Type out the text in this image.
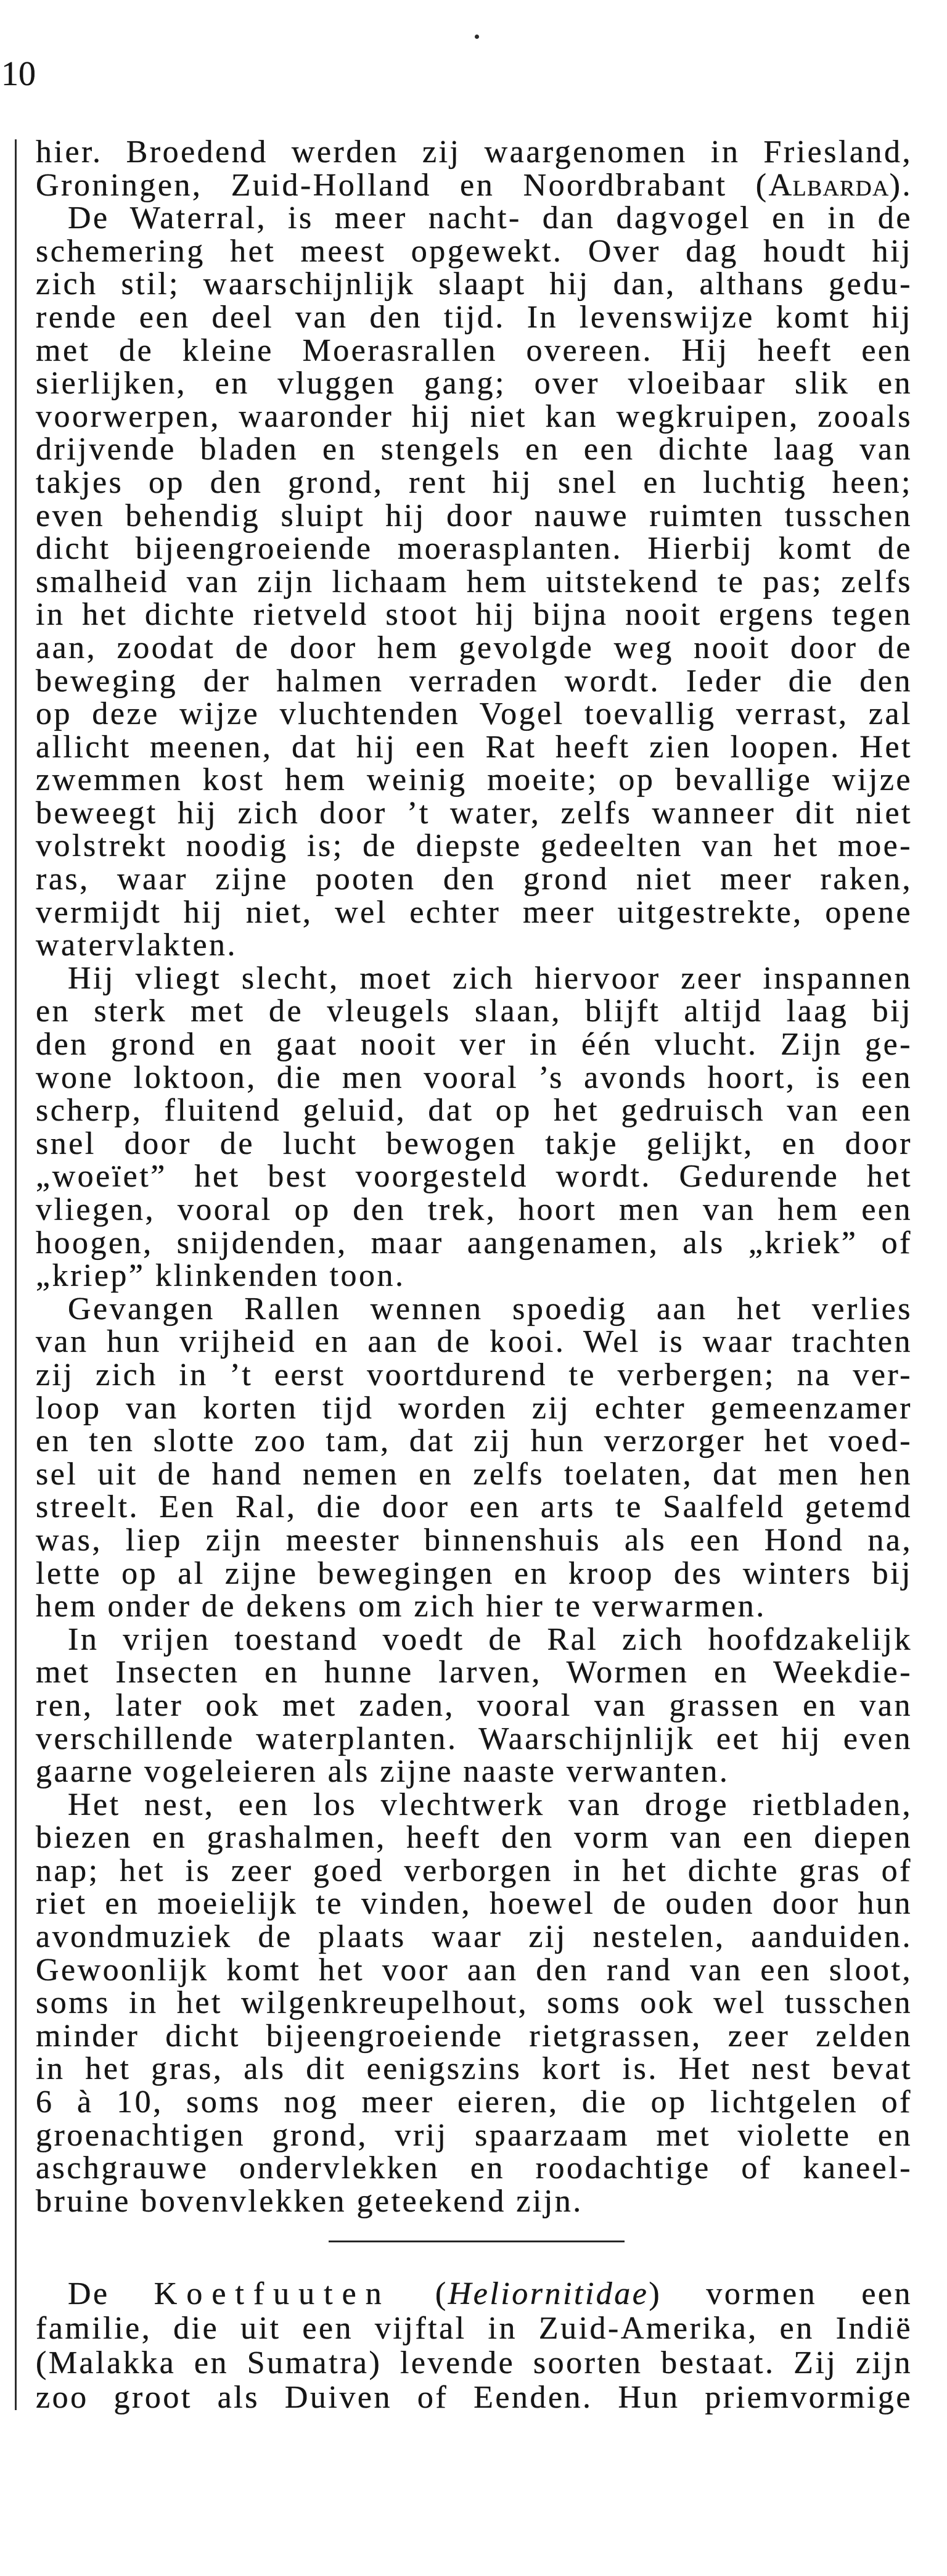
10
hier. Broedend werden zij waargenomen in Friesland,
Groningen, Zuid-Holland en Noordbrabant (Albarda).
De Waterral, is meer nacht- dan dagvogel en in de
schemering het meest opgewekt. Over dag houdt hij
zich stil; waarschijnlijk slaapt hij dan, althans gedu-
rende een deel van den tijd. In levenswijze komt hij
met de kleine Moerasrallen overeen. Hij heeft een
sierlijken, en vluggen gang; over vloeibaar slik en
voorwerpen, waaronder hij niet kan wegkruipen, zooals
drijvende bladen en stengels en een dichte laag van
takjes op den grond, rent hij snel en luchtig heen;
even behendig sluipt hij door nauwe ruimten tusschen
dicht bijeengroeiende moerasplanten. Hierbij komt de
smalheid van zijn lichaam hem uitstekend te pas; zelfs
in het dichte rietveld stoot hij bijna nooit ergens tegen
aan, zoodat de door hem gevolgde weg nooit door de
beweging der halmen verraden wordt. Ieder die den
op deze wijze vluchtenden Vogel toevallig verrast, zal
allicht meenen, dat hij een Rat heeft zien loopen. Het
zwemmen kost hem weinig moeite; op bevallige wijze
beweegt hij zich door ’t water, zelfs wanneer dit niet
volstrekt noodig is; de diepste gedeelten van het moe-
ras, waar zijne pooten den grond niet meer raken,
vermijdt hij niet, wel echter meer uitgestrekte, opene
watervlakten.
Hij vliegt slecht, moet zich hiervoor zeer inspannen
en sterk met de vleugels slaan, blijft altijd laag bij
den grond en gaat nooit ver in één vlucht. Zijn ge-
wone loktoon, die men vooral ’s avonds hoort, is een
scherp, fluitend geluid, dat op het gedruisch van een
snel door de lucht bewogen takje gelijkt, en door
„woeïet” het best voorgesteld wordt. Gedurende het
vliegen, vooral op den trek, hoort men van hem een
hoogen, snijdenden, maar aangenamen, als „kriek” of
„kriep” klinkenden toon.
Gevangen Rallen wennen spoedig aan het verlies
van hun vrijheid en aan de kooi. Wel is waar trachten
zij zich in ’t eerst voortdurend te verbergen; na ver-
loop van korten tijd worden zij echter gemeenzamer
en ten slotte zoo tam, dat zij hun verzorger het voed-
sel uit de hand nemen en zelfs toelaten, dat men hen
streelt. Een Ral, die door een arts te Saalfeld getemd
was, liep zijn meester binnenshuis als een Hond na,
lette op al zijne bewegingen en kroop des winters bij
hem onder de dekens om zich hier te verwarmen.
In vrijen toestand voedt de Ral zich hoofdzakelijk
met Insecten en hunne larven, Wormen en Weekdie-
ren, later ook met zaden, vooral van grassen en van
verschillende waterplanten. Waarschijnlijk eet hij even
gaarne vogeleieren als zijne naaste verwanten.
Het nest, een los vlechtwerk van droge rietbladen,
biezen en grashalmen, heeft den vorm van een diepen
nap; het is zeer goed verborgen in het dichte gras of
riet en moeielijk te vinden, hoewel de ouden door hun
avondmuziek de plaats waar zij nestelen, aanduiden.
Gewoonlijk komt het voor aan den rand van een sloot,
soms in het wilgenkreupelhout, soms ook wel tusschen
minder dicht bijeengroeiende rietgrassen, zeer zelden
in het gras, als dit eenigszins kort is. Het nest bevat
6 à 10, soms nog meer eieren, die op lichtgelen of
groenachtigen grond, vrij spaarzaam met violette en
aschgrauwe ondervlekken en roodachtige of kaneel-
bruine bovenvlekken geteekend zijn.
De Koetfuuten (Heliornitidae) vormen een
familie, die uit een vijftal in Zuid-Amerika, en Indië
(Malakka en Sumatra) levende soorten bestaat. Zij zijn
zoo groot als Duiven of Eenden. Hun priemvormige
